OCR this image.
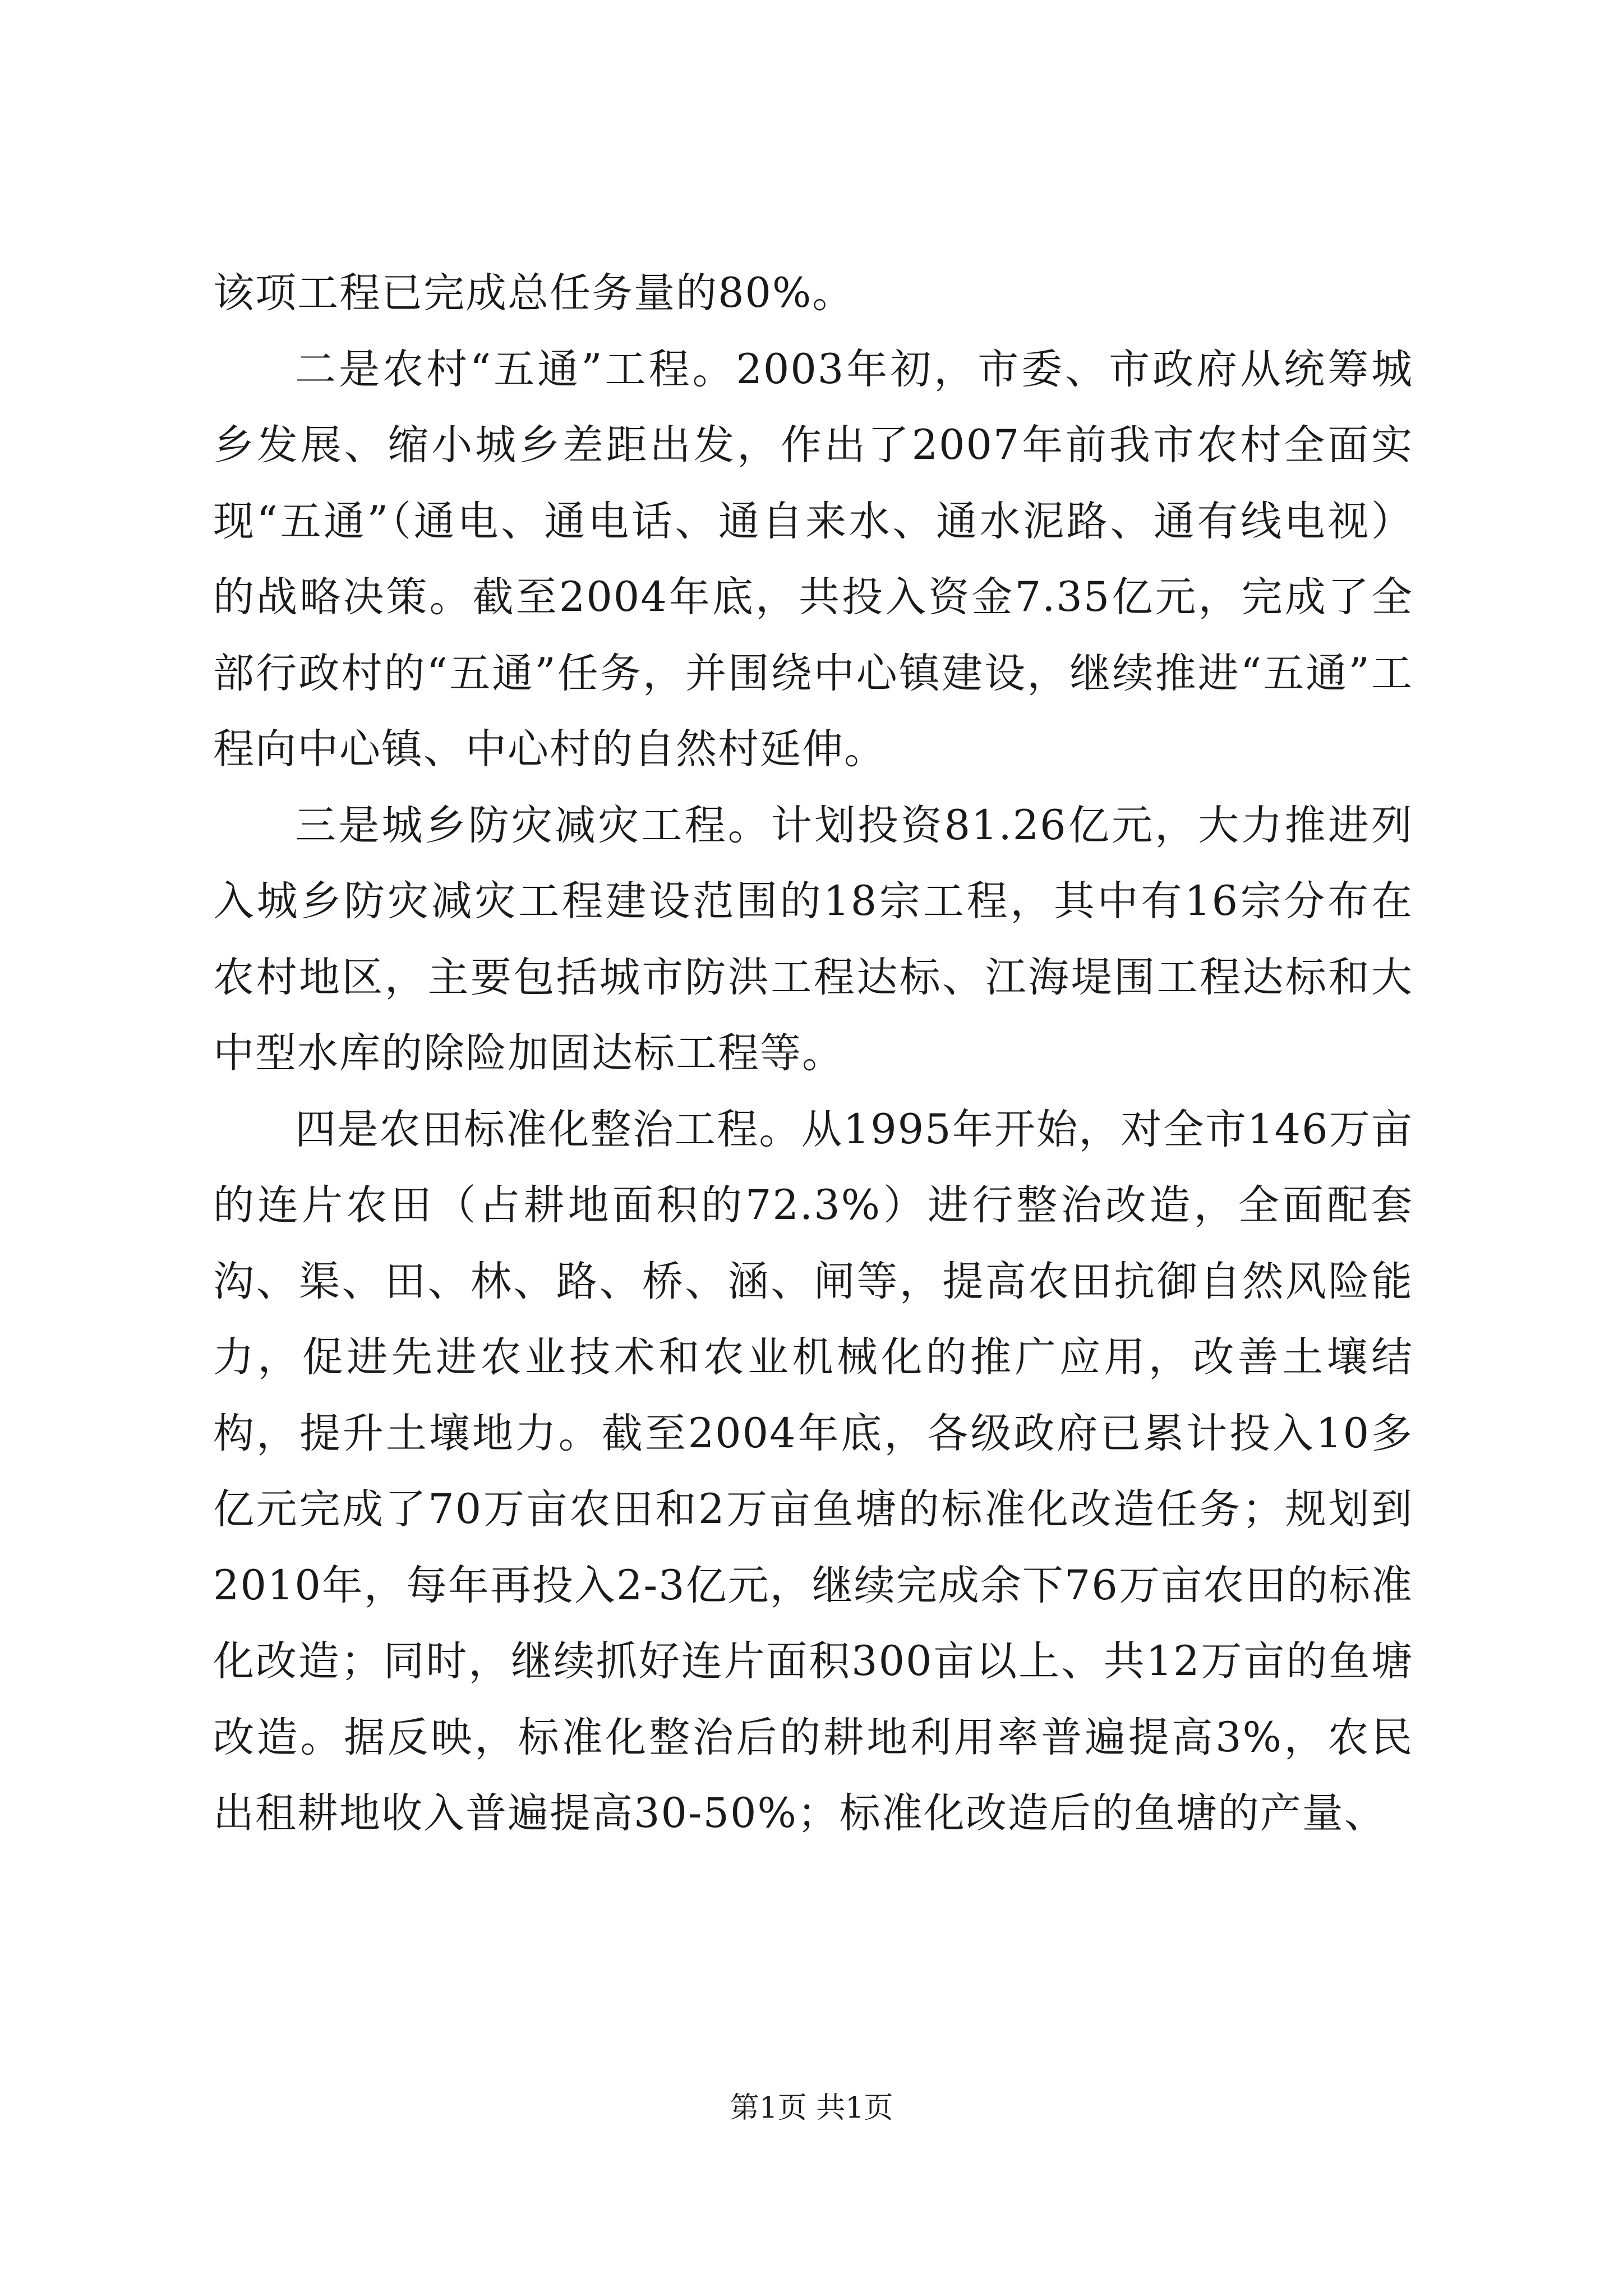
该项工程已完成总任务量的80%。

二是农村“五通”工程。2003年初，市委、市政府从统筹城乡发展、缩小城乡差距出发，作出了2007年前我市农村全面实现“五通”（通电、通电话、通自来水、通水泥路、通有线电视）的战略决策。截至2004年底，共投入资金7.35亿元，完成了全部行政村的“五通”任务，并围绕中心镇建设，继续推进“五通”工程向中心镇、中心村的自然村延伸。

三是城乡防灾减灾工程。计划投资81.26亿元，大力推进列入城乡防灾减灾工程建设范围的18宗工程，其中有16宗分布在农村地区，主要包括城市防洪工程达标、江海堤围工程达标和大中型水库的除险加固达标工程等。

四是农田标准化整治工程。从1995年开始，对全市146万亩的连片农田（占耕地面积的72.3%）进行整治改造，全面配套沟、渠、田、林、路、桥、涵、闸等，提高农田抗御自然风险能力，促进先进农业技术和农业机械化的推广应用，改善土壤结构，提升土壤地力。截至2004年底，各级政府已累计投入10多亿元完成了70万亩农田和2万亩鱼塘的标准化改造任务；规划到2010年，每年再投入2-3亿元，继续完成余下76万亩农田的标准化改造；同时，继续抓好连片面积300亩以上、共12万亩的鱼塘改造。据反映，标准化整治后的耕地利用率普遍提高3%，农民出租耕地收入普遍提高30-50%；标准化改造后的鱼塘的产量、

第1页 共1页
